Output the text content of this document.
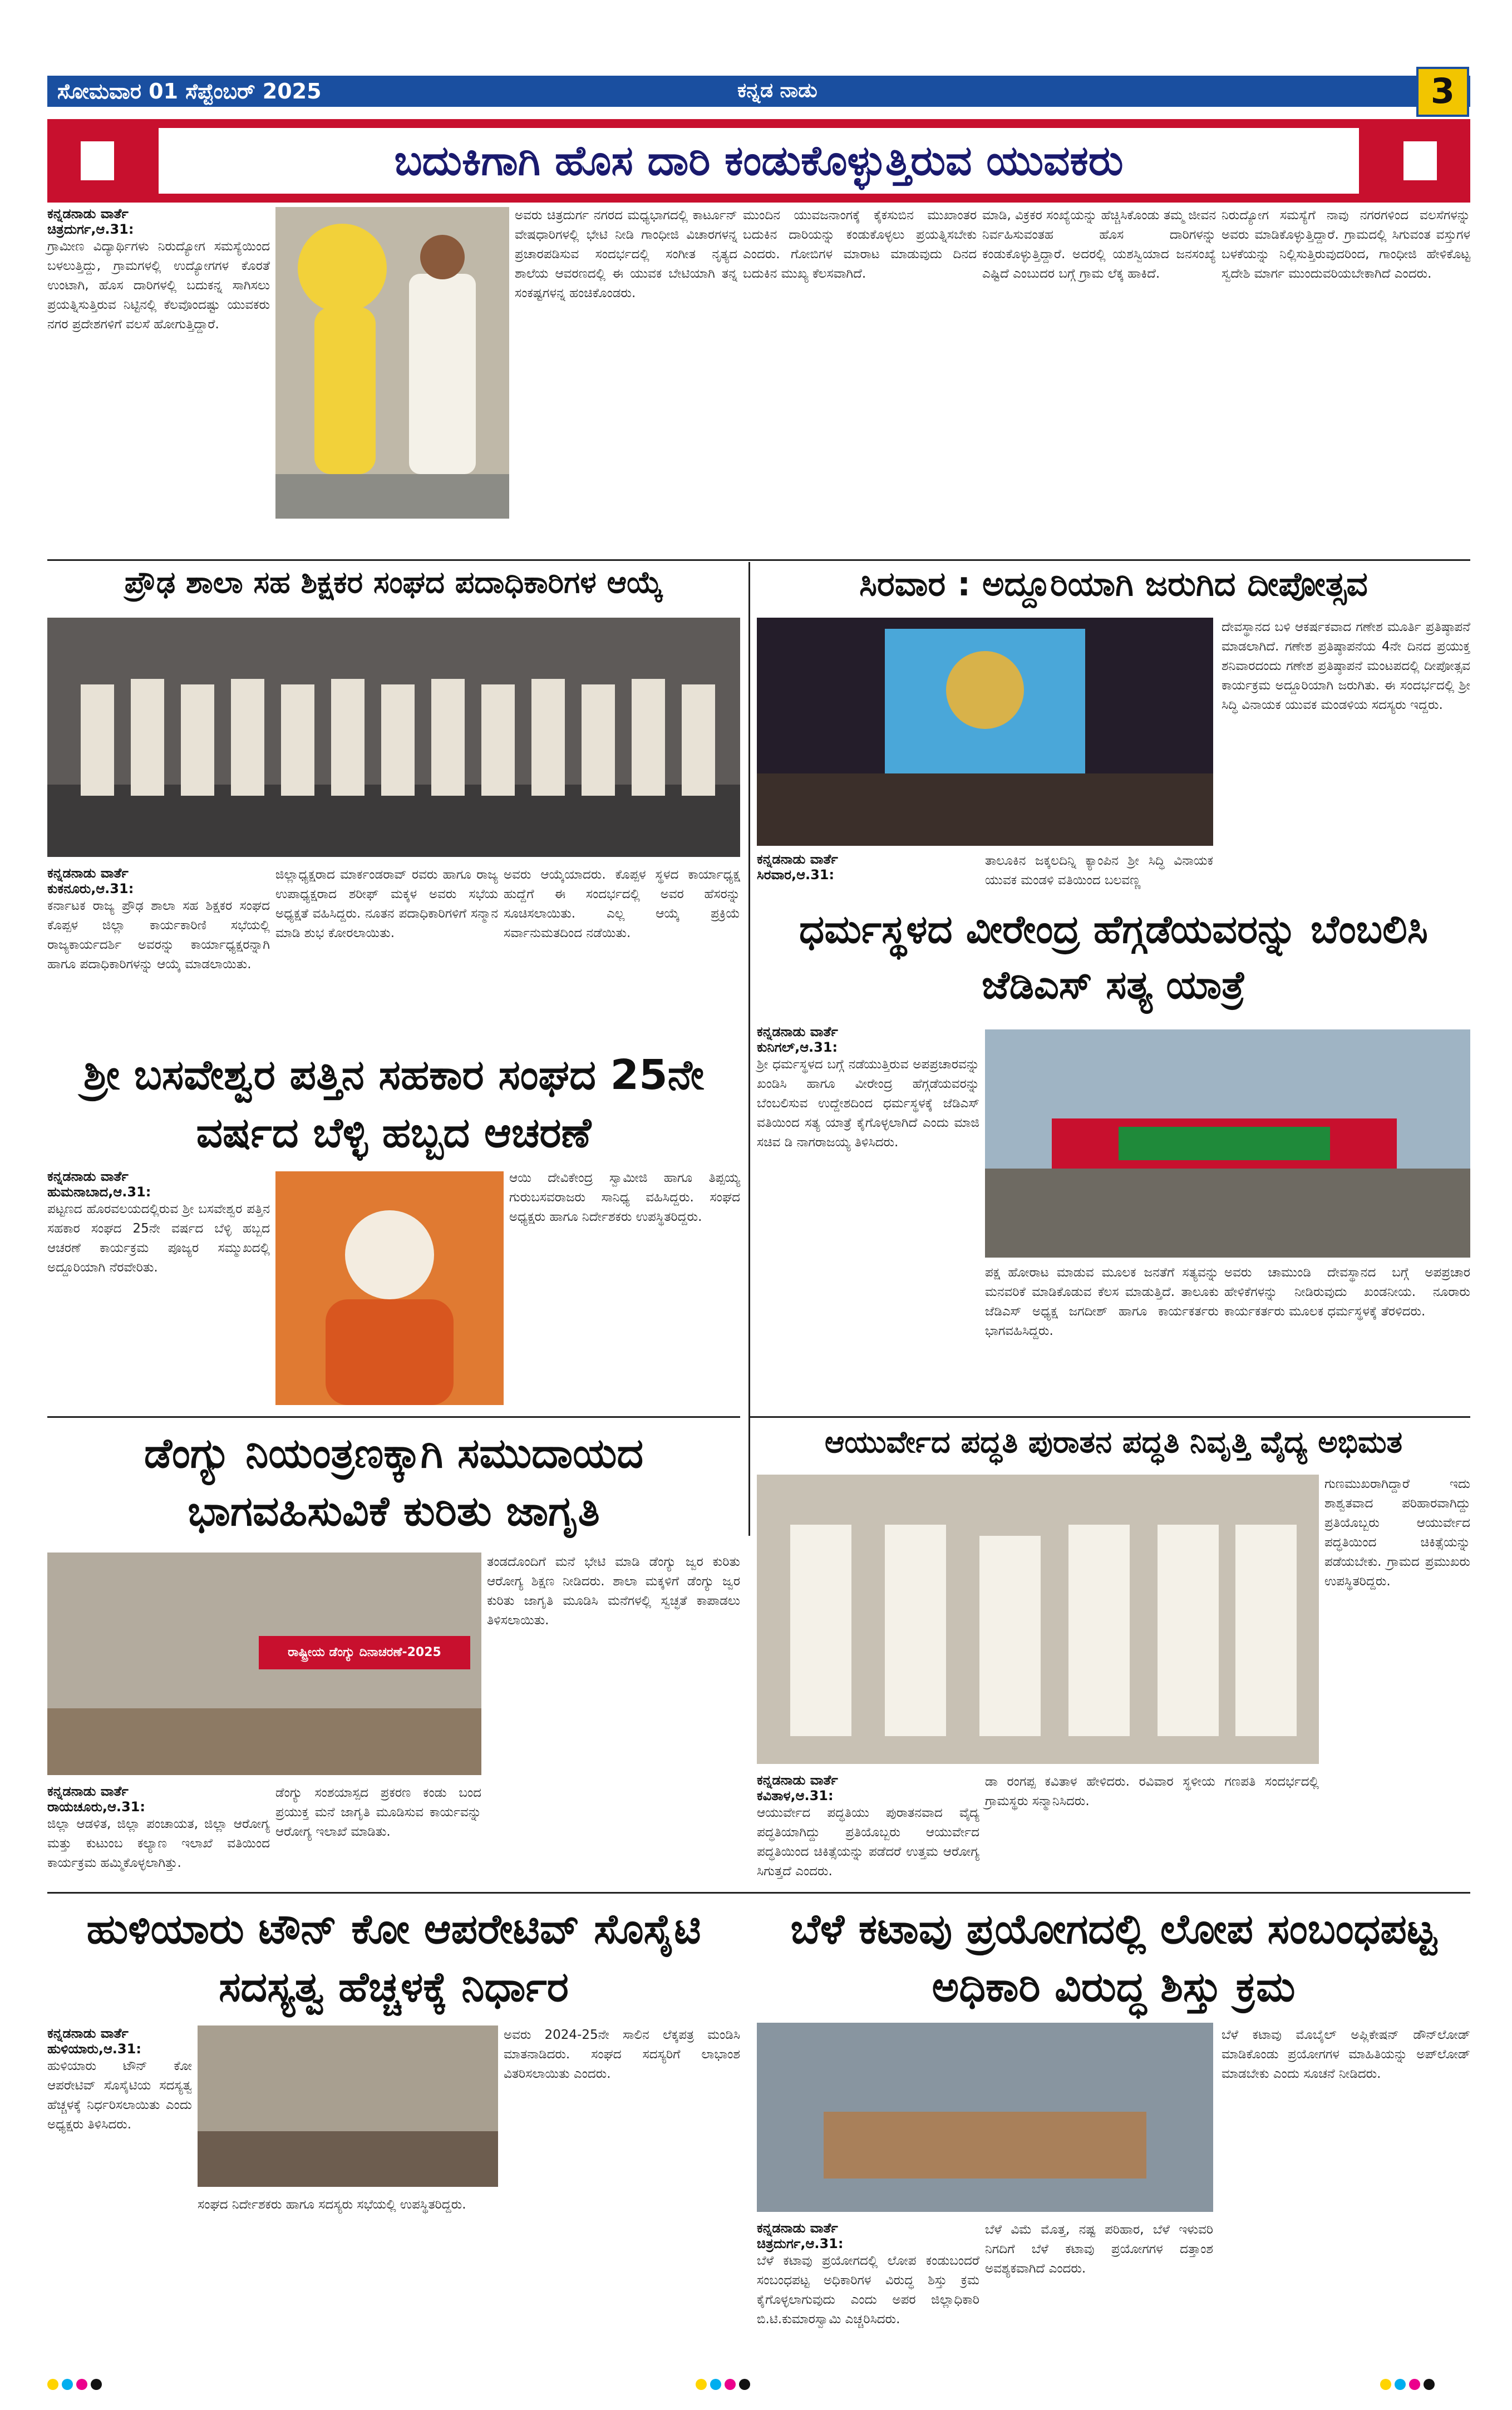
ಸೋಮವಾರ 01 ಸೆಪ್ಟೆಂಬರ್ 2025	ಕನ್ನಡ ನಾಡು	3
ಬದುಕಿಗಾಗಿ ಹೊಸ ದಾರಿ ಕಂಡುಕೊಳ್ಳುತ್ತಿರುವ ಯುವಕರು
ಕನ್ನಡನಾಡು ವಾರ್ತೆ
ಚಿತ್ರದುರ್ಗ,ಆ.31:
ಗ್ರಾಮೀಣ ವಿದ್ಯಾರ್ಥಿಗಳು ನಿರುದ್ಯೋಗ ಸಮಸ್ಯೆಯಿಂದ ಬಳಲುತ್ತಿದ್ದು, ಗ್ರಾಮಗಳಲ್ಲಿ ಉದ್ಯೋಗಗಳ ಕೊರತೆ ಉಂಟಾಗಿ, ಹೊಸ ದಾರಿಗಳಲ್ಲಿ ಬದುಕನ್ನ ಸಾಗಿಸಲು ಪ್ರಯತ್ನಿಸುತ್ತಿರುವ ನಿಟ್ಟಿನಲ್ಲಿ ಕೆಲವೊಂದಷ್ಟು ಯುವಕರು ನಗರ ಪ್ರದೇಶಗಳಿಗೆ ವಲಸೆ ಹೋಗುತ್ತಿದ್ದಾರೆ.
ಅವರು ಚಿತ್ರದುರ್ಗ ನಗರದ ಮಧ್ಯಭಾಗದಲ್ಲಿ ಕಾರ್ಟೂನ್ ವೇಷಧಾರಿಗಳಲ್ಲಿ ಭೇಟಿ ನೀಡಿ ಗಾಂಧೀಜಿ ವಿಚಾರಗಳನ್ನ ಪ್ರಚಾರಪಡಿಸುವ ಸಂದರ್ಭದಲ್ಲಿ ಸಂಗೀತ ನೃತ್ಯದ ಶಾಲೆಯ ಆವರಣದಲ್ಲಿ ಈ ಯುವಕ ಬೇಟಿಯಾಗಿ ತನ್ನ ಸಂಕಷ್ಟಗಳನ್ನ ಹಂಚಿಕೊಂಡರು.
ಮುಂದಿನ ಯುವಜನಾಂಗಕ್ಕೆ ಕೈಕಸುಬಿನ ಮುಖಾಂತರ ಬದುಕಿನ ದಾರಿಯನ್ನು ಕಂಡುಕೊಳ್ಳಲು ಪ್ರಯತ್ನಿಸಬೇಕು ಎಂದರು. ಗೋಬಿಗಳ ಮಾರಾಟ ಮಾಡುವುದು ದಿನದ ಬದುಕಿನ ಮುಖ್ಯ ಕೆಲಸವಾಗಿದೆ.
ಮಾಡಿ, ವಿಕ್ರಕರ ಸಂಖ್ಯೆಯನ್ನು ಹೆಚ್ಚಿಸಿಕೊಂಡು ತಮ್ಮ ಜೀವನ ನಿರ್ವಹಿಸುವಂತಹ ಹೊಸ ದಾರಿಗಳನ್ನು ಕಂಡುಕೊಳ್ಳುತ್ತಿದ್ದಾರೆ. ಅದರಲ್ಲಿ ಯಶಸ್ವಿಯಾದ ಜನಸಂಖ್ಯೆ ಎಷ್ಟಿದೆ ಎಂಬುದರ ಬಗ್ಗೆ ಗ್ರಾಮ ಲೆಕ್ಕ ಹಾಕಿದೆ.
ನಿರುದ್ಯೋಗ ಸಮಸ್ಯೆಗೆ ನಾವು ನಗರಗಳಿಂದ ವಲಸೆಗಳನ್ನು ಅವರು ಮಾಡಿಕೊಳ್ಳುತ್ತಿದ್ದಾರೆ. ಗ್ರಾಮದಲ್ಲಿ ಸಿಗುವಂತ ವಸ್ತುಗಳ ಬಳಕೆಯನ್ನು ನಿಲ್ಲಿಸುತ್ತಿರುವುದರಿಂದ, ಗಾಂಧೀಜಿ ಹೇಳಿಕೊಟ್ಟ ಸ್ವದೇಶಿ ಮಾರ್ಗ ಮುಂದುವರಿಯಬೇಕಾಗಿದೆ ಎಂದರು.
ಪ್ರೌಢ ಶಾಲಾ ಸಹ ಶಿಕ್ಷಕರ ಸಂಘದ ಪದಾಧಿಕಾರಿಗಳ ಆಯ್ಕೆ
ಕನ್ನಡನಾಡು ವಾರ್ತೆ
ಕುಕನೂರು,ಆ.31:
ಕರ್ನಾಟಕ ರಾಜ್ಯ ಪ್ರೌಢ ಶಾಲಾ ಸಹ ಶಿಕ್ಷಕರ ಸಂಘದ ಕೊಪ್ಪಳ ಜಿಲ್ಲಾ ಕಾರ್ಯಕಾರಿಣಿ ಸಭೆಯಲ್ಲಿ ರಾಜ್ಯಕಾರ್ಯದರ್ಶಿ ಅವರನ್ನು ಕಾರ್ಯಾಧ್ಯಕ್ಷರನ್ನಾಗಿ ಹಾಗೂ ಪದಾಧಿಕಾರಿಗಳನ್ನು ಆಯ್ಕೆ ಮಾಡಲಾಯಿತು.
ಜಿಲ್ಲಾಧ್ಯಕ್ಷರಾದ ಮಾರ್ಕಂಡರಾವ್ ರವರು ಹಾಗೂ ರಾಜ್ಯ ಉಪಾಧ್ಯಕ್ಷರಾದ ಶರೀಫ್ ಮಕ್ಕಳ ಅವರು ಸಭೆಯ ಅಧ್ಯಕ್ಷತೆ ವಹಿಸಿದ್ದರು. ನೂತನ ಪದಾಧಿಕಾರಿಗಳಿಗೆ ಸನ್ಮಾನ ಮಾಡಿ ಶುಭ ಕೋರಲಾಯಿತು.
ಅವರು ಆಯ್ಕೆಯಾದರು. ಕೊಪ್ಪಳ ಸ್ಥಳದ ಕಾರ್ಯಾಧ್ಯಕ್ಷ ಹುದ್ದೆಗೆ ಈ ಸಂದರ್ಭದಲ್ಲಿ ಅವರ ಹೆಸರನ್ನು ಸೂಚಿಸಲಾಯಿತು. ಎಲ್ಲ ಆಯ್ಕೆ ಪ್ರಕ್ರಿಯೆ ಸರ್ವಾನುಮತದಿಂದ ನಡೆಯಿತು.
ಸಿರವಾರ : ಅದ್ದೂರಿಯಾಗಿ ಜರುಗಿದ ದೀಪೋತ್ಸವ
ಕನ್ನಡನಾಡು ವಾರ್ತೆ
ಸಿರವಾರ,ಆ.31:
ತಾಲೂಕಿನ ಜಕ್ಕಲದಿನ್ನಿ ಕ್ಯಾಂಪಿನ ಶ್ರೀ ಸಿದ್ಧಿ ವಿನಾಯಕ ಯುವಕ ಮಂಡಳಿ ವತಿಯಿಂದ ಬಲವಣ್ಣ
ದೇವಸ್ಥಾನದ ಬಳಿ ಆಕರ್ಷಕವಾದ ಗಣೇಶ ಮೂರ್ತಿ ಪ್ರತಿಷ್ಠಾಪನೆ ಮಾಡಲಾಗಿದೆ. ಗಣೇಶ ಪ್ರತಿಷ್ಠಾಪನೆಯ 4ನೇ ದಿನದ ಪ್ರಯುಕ್ತ ಶನಿವಾರದಂದು ಗಣೇಶ ಪ್ರತಿಷ್ಠಾಪನೆ ಮಂಟಪದಲ್ಲಿ ದೀಪೋತ್ಸವ ಕಾರ್ಯಕ್ರಮ ಅದ್ದೂರಿಯಾಗಿ ಜರುಗಿತು. ಈ ಸಂದರ್ಭದಲ್ಲಿ ಶ್ರೀ ಸಿದ್ಧಿ ವಿನಾಯಕ ಯುವಕ ಮಂಡಳಿಯ ಸದಸ್ಯರು ಇದ್ದರು.
ಧರ್ಮಸ್ಥಳದ ವೀರೇಂದ್ರ ಹೆಗ್ಗಡೆಯವರನ್ನು ಬೆಂಬಲಿಸಿ ಜೆಡಿಎಸ್ ಸತ್ಯ ಯಾತ್ರೆ
ಕನ್ನಡನಾಡು ವಾರ್ತೆ
ಕುನಿಗಲ್,ಆ.31:
ಶ್ರೀ ಧರ್ಮಸ್ಥಳದ ಬಗ್ಗೆ ನಡೆಯುತ್ತಿರುವ ಅಪಪ್ರಚಾರವನ್ನು ಖಂಡಿಸಿ ಹಾಗೂ ವೀರೇಂದ್ರ ಹೆಗ್ಗಡೆಯವರನ್ನು ಬೆಂಬಲಿಸುವ ಉದ್ದೇಶದಿಂದ ಧರ್ಮಸ್ಥಳಕ್ಕೆ ಜೆಡಿಎಸ್ ವತಿಯಿಂದ ಸತ್ಯ ಯಾತ್ರೆ ಕೈಗೊಳ್ಳಲಾಗಿದೆ ಎಂದು ಮಾಜಿ ಸಚಿವ ಡಿ ನಾಗರಾಜಯ್ಯ ತಿಳಿಸಿದರು.
ಪಕ್ಷ ಹೋರಾಟ ಮಾಡುವ ಮೂಲಕ ಜನತೆಗೆ ಸತ್ಯವನ್ನು ಮನವರಿಕೆ ಮಾಡಿಕೊಡುವ ಕೆಲಸ ಮಾಡುತ್ತಿದೆ. ತಾಲೂಕು ಜೆಡಿಎಸ್ ಅಧ್ಯಕ್ಷ ಜಗದೀಶ್ ಹಾಗೂ ಕಾರ್ಯಕರ್ತರು ಭಾಗವಹಿಸಿದ್ದರು.
ಅವರು ಚಾಮುಂಡಿ ದೇವಸ್ಥಾನದ ಬಗ್ಗೆ ಅಪಪ್ರಚಾರ ಹೇಳಿಕೆಗಳನ್ನು ನೀಡಿರುವುದು ಖಂಡನೀಯ. ನೂರಾರು ಕಾರ್ಯಕರ್ತರು ಮೂಲಕ ಧರ್ಮಸ್ಥಳಕ್ಕೆ ತೆರಳಿದರು.
ಶ್ರೀ ಬಸವೇಶ್ವರ ಪತ್ತಿನ ಸಹಕಾರ ಸಂಘದ 25ನೇ ವರ್ಷದ ಬೆಳ್ಳಿ ಹಬ್ಬದ ಆಚರಣೆ
ಕನ್ನಡನಾಡು ವಾರ್ತೆ
ಹುಮನಾಬಾದ,ಆ.31:
ಪಟ್ಟಣದ ಹೊರವಲಯದಲ್ಲಿರುವ ಶ್ರೀ ಬಸವೇಶ್ವರ ಪತ್ತಿನ ಸಹಕಾರ ಸಂಘದ 25ನೇ ವರ್ಷದ ಬೆಳ್ಳಿ ಹಬ್ಬದ ಆಚರಣೆ ಕಾರ್ಯಕ್ರಮ ಪೂಜ್ಯರ ಸಮ್ಮುಖದಲ್ಲಿ ಅದ್ದೂರಿಯಾಗಿ ನೆರವೇರಿತು.
ಆಯಿ ದೇವಿಕೇಂದ್ರ ಸ್ವಾಮೀಜಿ ಹಾಗೂ ತಿಪ್ಪಯ್ಯ ಗುರುಬಸವರಾಜರು ಸಾನಿಧ್ಯ ವಹಿಸಿದ್ದರು. ಸಂಘದ ಅಧ್ಯಕ್ಷರು ಹಾಗೂ ನಿರ್ದೇಶಕರು ಉಪಸ್ಥಿತರಿದ್ದರು.
ಡೆಂಗ್ಯು ನಿಯಂತ್ರಣಕ್ಕಾಗಿ ಸಮುದಾಯದ ಭಾಗವಹಿಸುವಿಕೆ ಕುರಿತು ಜಾಗೃತಿ
ರಾಷ್ಟ್ರೀಯ ಡೆಂಗ್ಯು ದಿನಾಚರಣೆ-2025
ತಂಡದೊಂದಿಗೆ ಮನೆ ಭೇಟಿ ಮಾಡಿ ಡೆಂಗ್ಯು ಜ್ವರ ಕುರಿತು ಆರೋಗ್ಯ ಶಿಕ್ಷಣ ನೀಡಿದರು. ಶಾಲಾ ಮಕ್ಕಳಿಗೆ ಡೆಂಗ್ಯು ಜ್ವರ ಕುರಿತು ಜಾಗೃತಿ ಮೂಡಿಸಿ ಮನೆಗಳಲ್ಲಿ ಸ್ವಚ್ಛತೆ ಕಾಪಾಡಲು ತಿಳಿಸಲಾಯಿತು.
ಕನ್ನಡನಾಡು ವಾರ್ತೆ
ರಾಯಚೂರು,ಆ.31:
ಜಿಲ್ಲಾ ಆಡಳಿತ, ಜಿಲ್ಲಾ ಪಂಚಾಯತ, ಜಿಲ್ಲಾ ಆರೋಗ್ಯ ಮತ್ತು ಕುಟುಂಬ ಕಲ್ಯಾಣ ಇಲಾಖೆ ವತಿಯಿಂದ ಕಾರ್ಯಕ್ರಮ ಹಮ್ಮಿಕೊಳ್ಳಲಾಗಿತ್ತು.
ಡೆಂಗ್ಯು ಸಂಶಯಾಸ್ಪದ ಪ್ರಕರಣ ಕಂಡು ಬಂದ ಪ್ರಯುಕ್ತ ಮನೆ ಜಾಗೃತಿ ಮೂಡಿಸುವ ಕಾರ್ಯವನ್ನು ಆರೋಗ್ಯ ಇಲಾಖೆ ಮಾಡಿತು.
ಆಯುರ್ವೇದ ಪದ್ಧತಿ ಪುರಾತನ ಪದ್ಧತಿ ನಿವೃತ್ತಿ ವೈದ್ಯ ಅಭಿಮತ
ಗುಣಮುಖರಾಗಿದ್ದಾರೆ ಇದು ಶಾಶ್ವತವಾದ ಪರಿಹಾರವಾಗಿದ್ದು ಪ್ರತಿಯೊಬ್ಬರು ಆಯುರ್ವೇದ ಪದ್ಧತಿಯಿಂದ ಚಿಕಿತ್ಸೆಯನ್ನು ಪಡೆಯಬೇಕು. ಗ್ರಾಮದ ಪ್ರಮುಖರು ಉಪಸ್ಥಿತರಿದ್ದರು.
ಕನ್ನಡನಾಡು ವಾರ್ತೆ
ಕವಿತಾಳ,ಆ.31:
ಆಯುರ್ವೇದ ಪದ್ಧತಿಯು ಪುರಾತನವಾದ ವೈದ್ಯ ಪದ್ಧತಿಯಾಗಿದ್ದು ಪ್ರತಿಯೊಬ್ಬರು ಆಯುರ್ವೇದ ಪದ್ಧತಿಯಿಂದ ಚಿಕಿತ್ಸೆಯನ್ನು ಪಡೆದರೆ ಉತ್ತಮ ಆರೋಗ್ಯ ಸಿಗುತ್ತದೆ ಎಂದರು.
ಡಾ ರಂಗಪ್ಪ ಕವಿತಾಳ ಹೇಳಿದರು. ರವಿವಾರ ಸ್ಥಳೀಯ ಗಣಪತಿ ಸಂದರ್ಭದಲ್ಲಿ ಗ್ರಾಮಸ್ಥರು ಸನ್ಮಾನಿಸಿದರು.
ಹುಳಿಯಾರು ಟೌನ್ ಕೋ ಆಪರೇಟಿವ್ ಸೊಸೈಟಿ ಸದಸ್ಯತ್ವ ಹೆಚ್ಚಳಕ್ಕೆ ನಿರ್ಧಾರ
ಕನ್ನಡನಾಡು ವಾರ್ತೆ
ಹುಳಿಯಾರು,ಆ.31:
ಹುಳಿಯಾರು ಟೌನ್ ಕೋ ಆಪರೇಟಿವ್ ಸೊಸೈಟಿಯ ಸದಸ್ಯತ್ವ ಹೆಚ್ಚಳಕ್ಕೆ ನಿರ್ಧರಿಸಲಾಯಿತು ಎಂದು ಅಧ್ಯಕ್ಷರು ತಿಳಿಸಿದರು.
ಅವರು 2024-25ನೇ ಸಾಲಿನ ಲೆಕ್ಕಪತ್ರ ಮಂಡಿಸಿ ಮಾತನಾಡಿದರು. ಸಂಘದ ಸದಸ್ಯರಿಗೆ ಲಾಭಾಂಶ ವಿತರಿಸಲಾಯಿತು ಎಂದರು.
ಸಂಘದ ನಿರ್ದೇಶಕರು ಹಾಗೂ ಸದಸ್ಯರು ಸಭೆಯಲ್ಲಿ ಉಪಸ್ಥಿತರಿದ್ದರು.
ಬೆಳೆ ಕಟಾವು ಪ್ರಯೋಗದಲ್ಲಿ ಲೋಪ ಸಂಬಂಧಪಟ್ಟ ಅಧಿಕಾರಿ ವಿರುದ್ಧ ಶಿಸ್ತು ಕ್ರಮ
ಬೆಳೆ ಕಟಾವು ಮೊಬೈಲ್ ಅಪ್ಲಿಕೇಷನ್ ಡೌನ್‌ಲೋಡ್ ಮಾಡಿಕೊಂಡು ಪ್ರಯೋಗಗಳ ಮಾಹಿತಿಯನ್ನು ಅಪ್‌ಲೋಡ್ ಮಾಡಬೇಕು ಎಂದು ಸೂಚನೆ ನೀಡಿದರು.
ಕನ್ನಡನಾಡು ವಾರ್ತೆ
ಚಿತ್ರದುರ್ಗ,ಆ.31:
ಬೆಳೆ ಕಟಾವು ಪ್ರಯೋಗದಲ್ಲಿ ಲೋಪ ಕಂಡುಬಂದರೆ ಸಂಬಂಧಪಟ್ಟ ಅಧಿಕಾರಿಗಳ ವಿರುದ್ಧ ಶಿಸ್ತು ಕ್ರಮ ಕೈಗೊಳ್ಳಲಾಗುವುದು ಎಂದು ಅಪರ ಜಿಲ್ಲಾಧಿಕಾರಿ ಬಿ.ಟಿ.ಕುಮಾರಸ್ವಾಮಿ ಎಚ್ಚರಿಸಿದರು.
ಬೆಳೆ ವಿಮೆ ಮೊತ್ತ, ನಷ್ಟ ಪರಿಹಾರ, ಬೆಳೆ ಇಳುವರಿ ನಿಗದಿಗೆ ಬೆಳೆ ಕಟಾವು ಪ್ರಯೋಗಗಳ ದತ್ತಾಂಶ ಅವಶ್ಯಕವಾಗಿದೆ ಎಂದರು.
